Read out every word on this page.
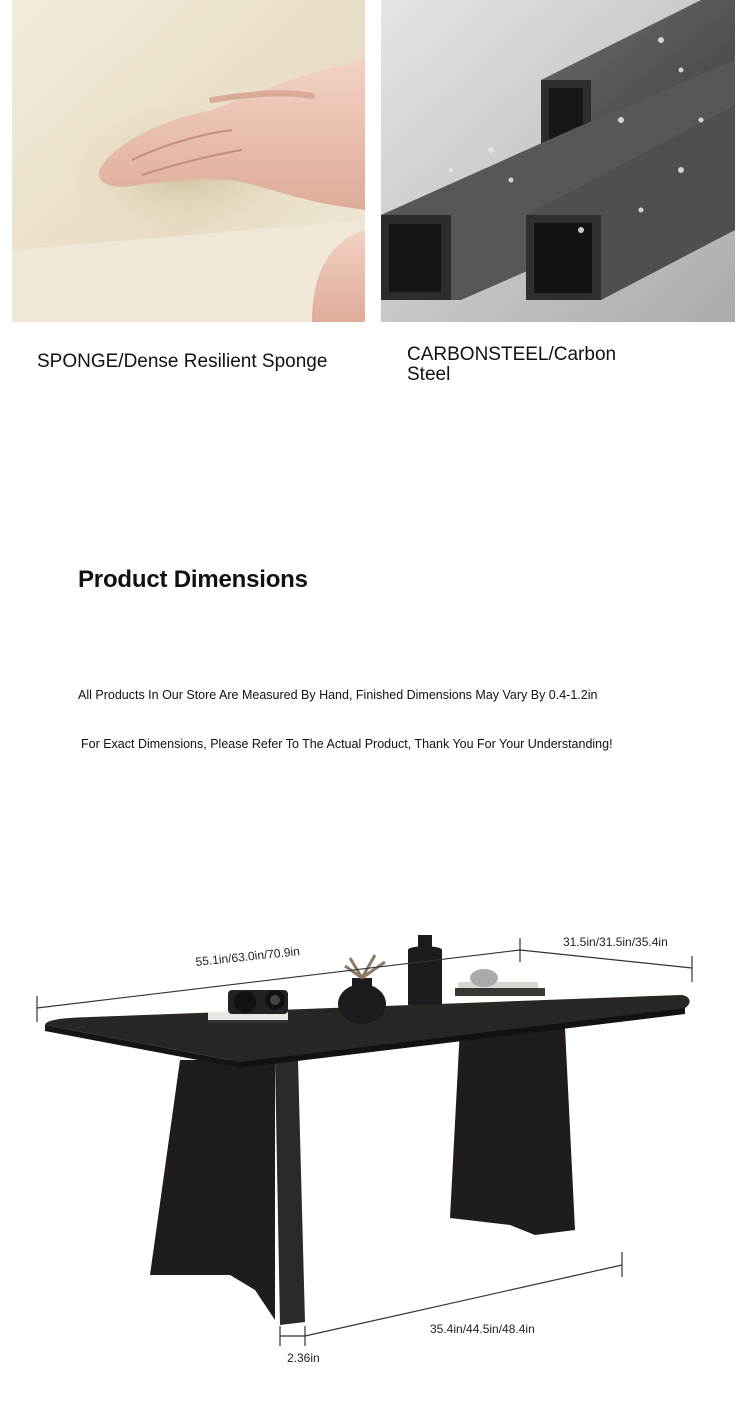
SPONGE/Dense Resilient Sponge	CARBONSTEEL/Carbon
Steel
Product Dimensions
All Products In Our Store Are Measured By Hand, Finished Dimensions May Vary By 0.4-1.2in
For Exact Dimensions, Please Refer To The Actual Product, Thank You For Your Understanding!
55.1in/63.0in/70.9in
31.5in/31.5in/35.4in
35.4in/44.5in/48.4in
2.36in
